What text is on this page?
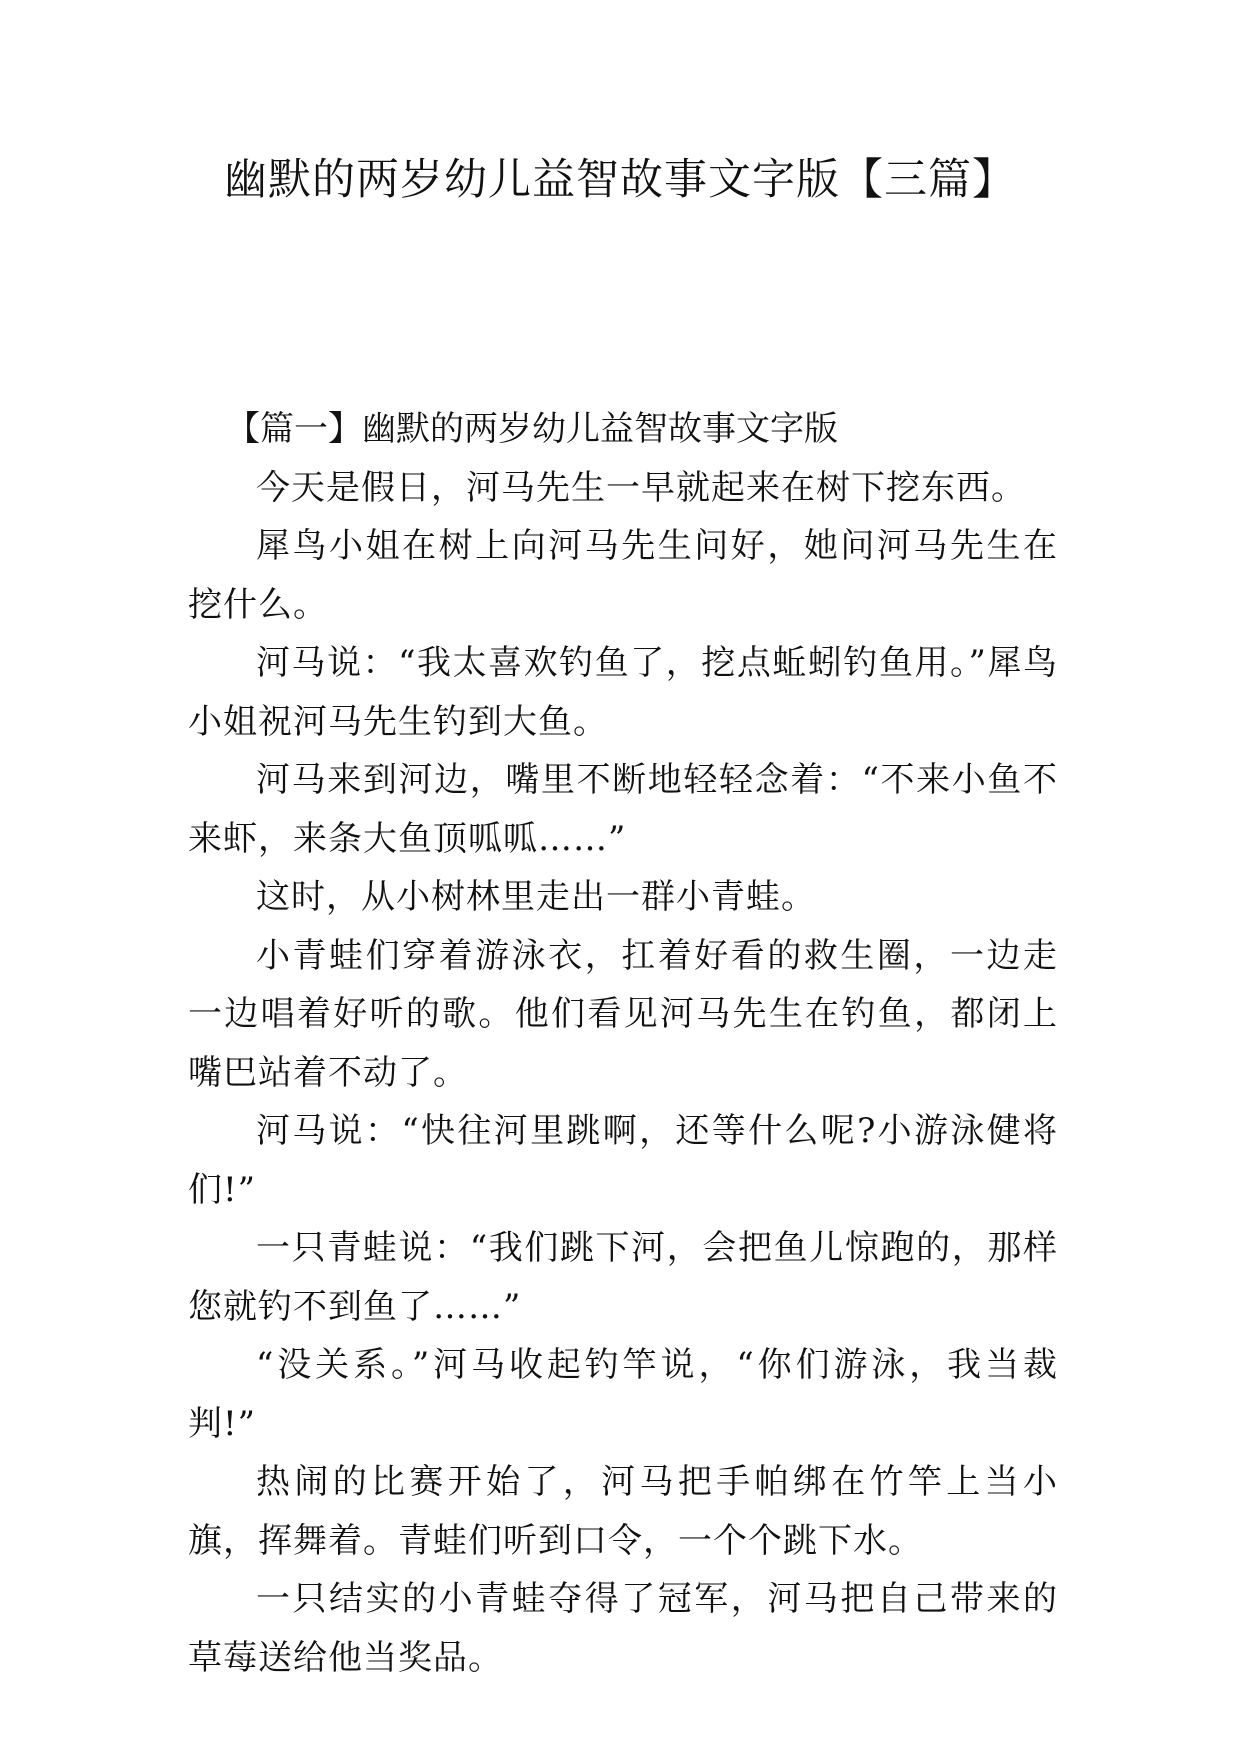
幽默的两岁幼儿益智故事文字版【三篇】

【篇一】幽默的两岁幼儿益智故事文字版

今天是假日，河马先生一早就起来在树下挖东西。

犀鸟小姐在树上向河马先生问好，她问河马先生在挖什么。

河马说：“我太喜欢钓鱼了，挖点蚯蚓钓鱼用。”犀鸟小姐祝河马先生钓到大鱼。

河马来到河边，嘴里不断地轻轻念着：“不来小鱼不来虾，来条大鱼顶呱呱……”

这时，从小树林里走出一群小青蛙。

小青蛙们穿着游泳衣，扛着好看的救生圈，一边走一边唱着好听的歌。他们看见河马先生在钓鱼，都闭上嘴巴站着不动了。

河马说：“快往河里跳啊，还等什么呢?小游泳健将们!”

一只青蛙说：“我们跳下河，会把鱼儿惊跑的，那样您就钓不到鱼了……”

“没关系。”河马收起钓竿说，“你们游泳，我当裁判!”

热闹的比赛开始了，河马把手帕绑在竹竿上当小旗，挥舞着。青蛙们听到口令，一个个跳下水。

一只结实的小青蛙夺得了冠军，河马把自己带来的草莓送给他当奖品。
